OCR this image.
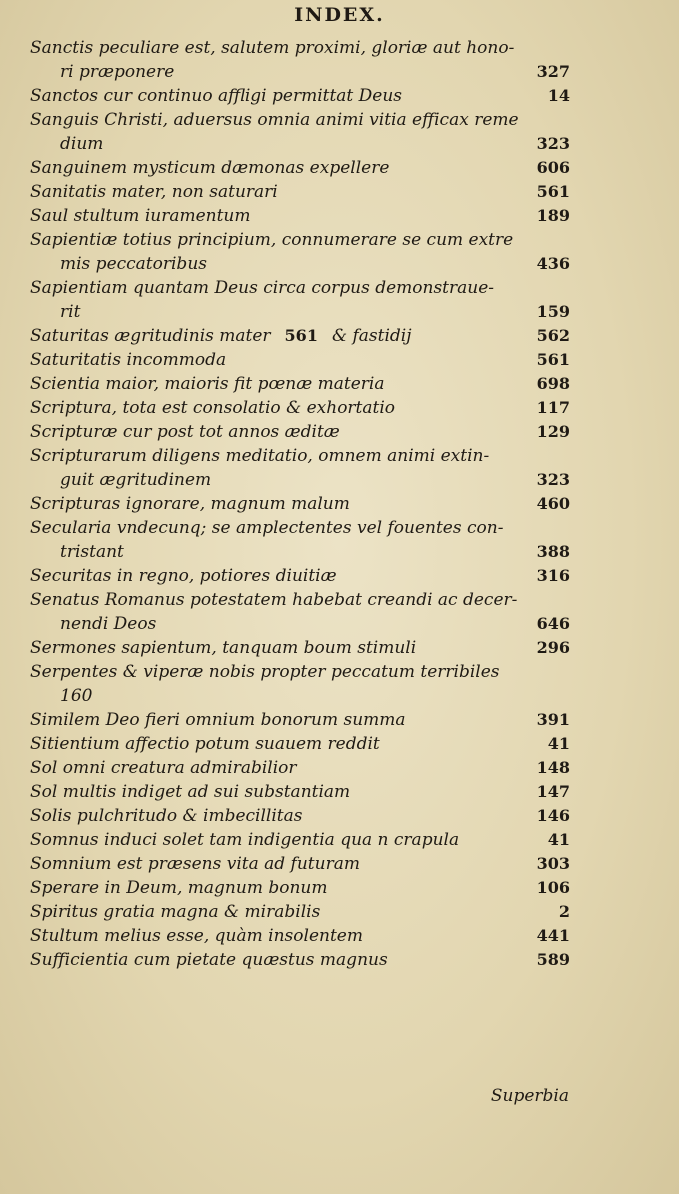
INDEX.
Sanctis peculiare est, salutem proximi, gloriæ aut hono-
ri præponere	327
Sanctos cur continuo affligi permittat Deus	14
Sanguis Christi, aduersus omnia animi vitia efficax reme
dium	323
Sanguinem mysticum dæmonas expellere	606
Sanitatis mater, non saturari	561
Saul stultum iuramentum	189
Sapientiæ totius principium, connumerare se cum extre
mis peccatoribus	436
Sapientiam quantam Deus circa corpus demonstraue-
rit	159
Saturitas ægritudinis mater 561 & fastidij	562
Saturitatis incommoda	561
Scientia maior, maioris fit pœnæ materia	698
Scriptura, tota est consolatio & exhortatio	117
Scripturæ cur post tot annos æditæ	129
Scripturarum diligens meditatio, omnem animi extin-
guit ægritudinem	323
Scripturas ignorare, magnum malum	460
Secularia vndecunq; se amplectentes vel fouentes con-
tristant	388
Securitas in regno, potiores diuitiæ	316
Senatus Romanus potestatem habebat creandi ac decer-
nendi Deos	646
Sermones sapientum, tanquam boum stimuli	296
Serpentes & viperæ nobis propter peccatum terribiles
160
Similem Deo fieri omnium bonorum summa	391
Sitientium affectio potum suauem reddit	41
Sol omni creatura admirabilior	148
Sol multis indiget ad sui substantiam	147
Solis pulchritudo & imbecillitas	146
Somnus induci solet tam indigentia qua n crapula	41
Somnium est præsens vita ad futuram	303
Sperare in Deum, magnum bonum	106
Spiritus gratia magna & mirabilis	2
Stultum melius esse, quàm insolentem	441
Sufficientia cum pietate quæstus magnus	589
Superbia
